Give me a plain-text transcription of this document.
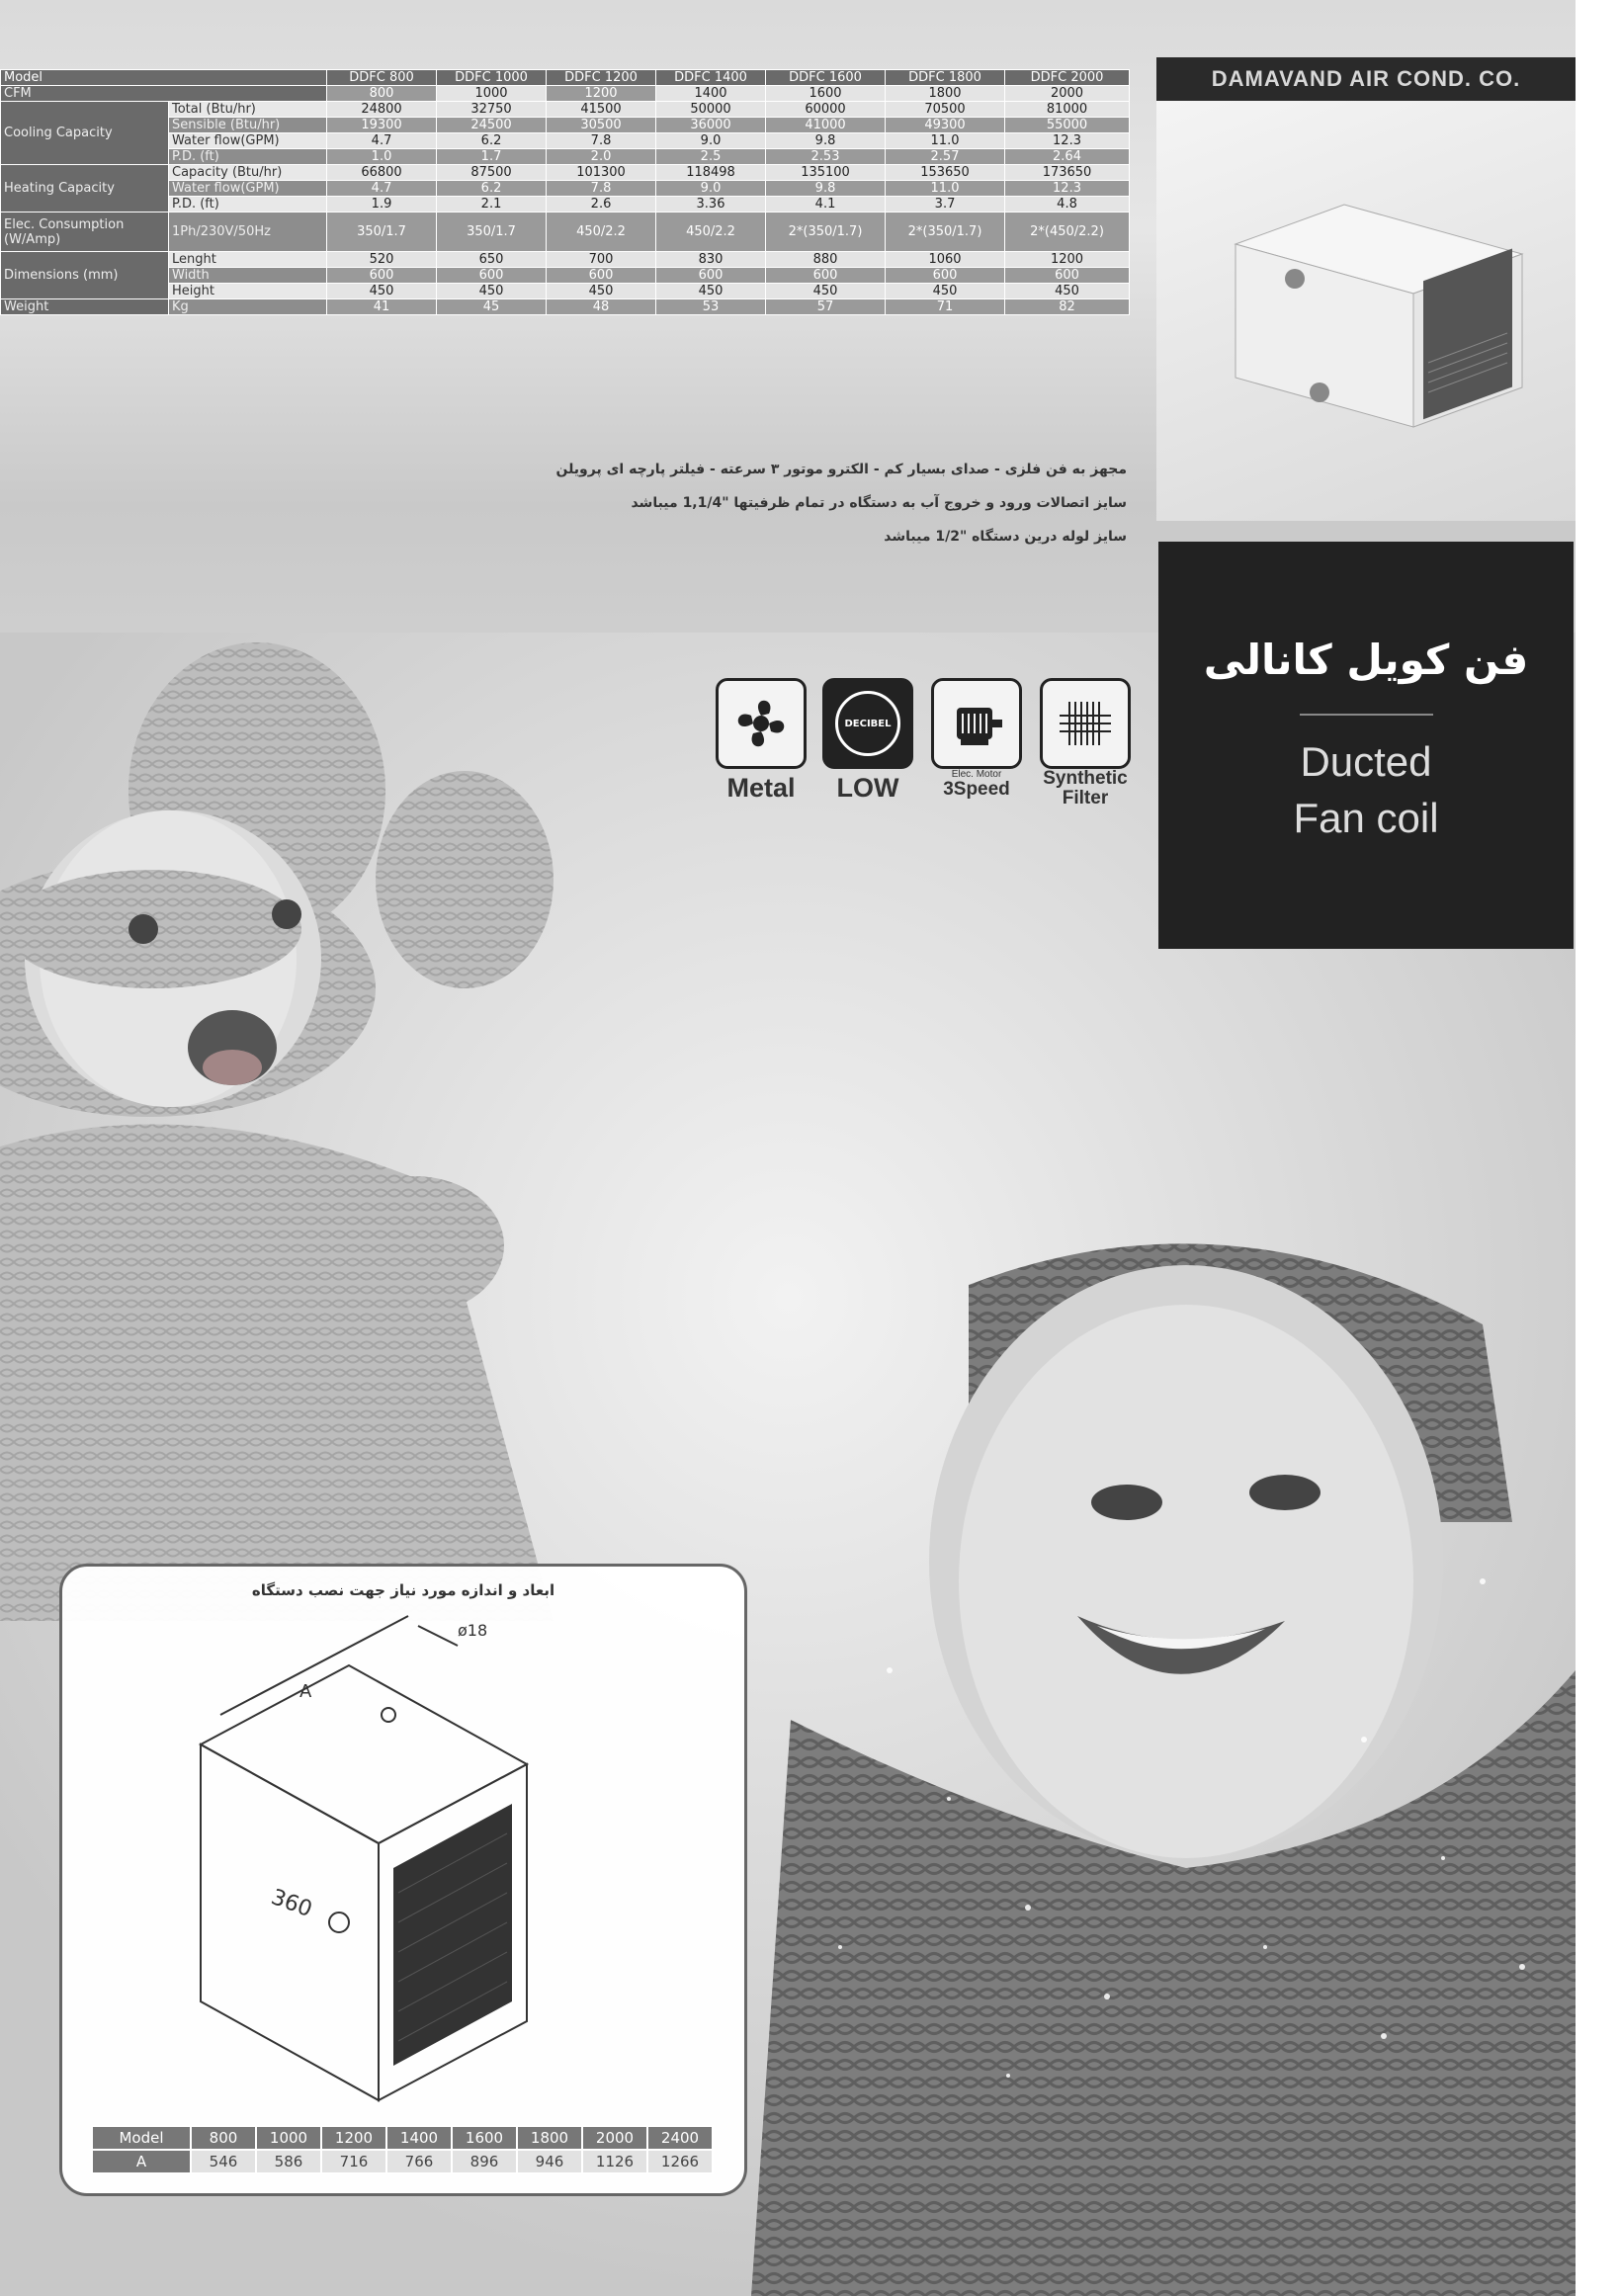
DAMAVAND AIR COND. CO.
Model		DDFC 800	DDFC 1000	DDFC 1200	DDFC 1400	DDFC 1600	DDFC 1800	DDFC 2000
CFM		800	1000	1200	1400	1600	1800	2000
Cooling Capacity	Total (Btu/hr)	24800	32750	41500	50000	60000	70500	81000
	Sensible (Btu/hr)	19300	24500	30500	36000	41000	49300	55000
	Water flow(GPM)	4.7	6.2	7.8	9.0	9.8	11.0	12.3
	P.D. (ft)	1.0	1.7	2.0	2.5	2.53	2.57	2.64
Heating Capacity	Capacity (Btu/hr)	66800	87500	101300	118498	135100	153650	173650
	Water flow(GPM)	4.7	6.2	7.8	9.0	9.8	11.0	12.3
	P.D. (ft)	1.9	2.1	2.6	3.36	4.1	3.7	4.8
Elec. Consumption (W/Amp)	1Ph/230V/50Hz	350/1.7	350/1.7	450/2.2	450/2.2	2*(350/1.7)	2*(350/1.7)	2*(450/2.2)
Dimensions (mm)	Lenght	520	650	700	830	880	1060	1200
	Width	600	600	600	600	600	600	600
	Height	450	450	450	450	450	450	450
Weight	Kg	41	45	48	53	57	71	82
مجهز به فن فلزی - صدای بسیار کم - الکترو موتور ۳ سرعته - فیلتر پارچه ای پرویلن
سایز اتصالات ورود و خروج آب به دستگاه در تمام ظرفیتها "1,1/4 میباشد
سایز لوله درین دستگاه "1/2 میباشد
فن کویل کانالی
Ducted
Fan coil
Metal
DECIBEL
LOW	Elec. Motor
3Speed
Synthetic Filter
ابعاد و اندازه مورد نیاز جهت نصب دستگاه
A
ø18
360
Model	800	1000	1200	1400	1600	1800	2000	2400
A	546	586	716	766	896	946	1126	1266
